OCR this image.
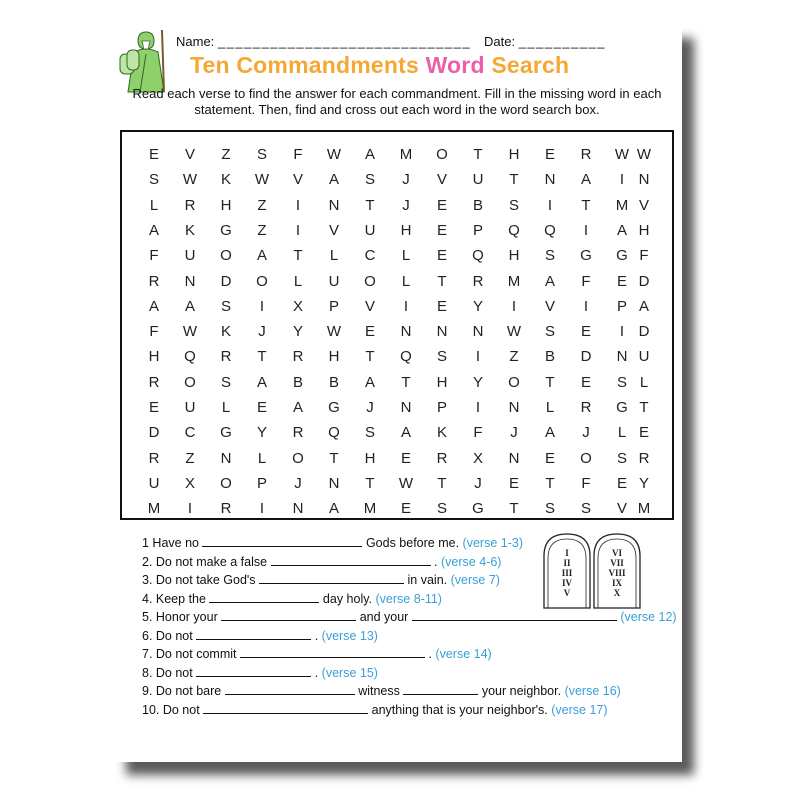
Name: _____________________________ Date: __________
Ten Commandments Word Search
Read each verse to find the answer for each commandment. Fill in the missing word in each statement. Then, find and cross out each word in the word search box.
E	V	Z	S	F	W	A	M	O	T	H	E	R	W W
S	W	K	W	V	A	S	J	V	U	T	N	A	I N
L	R	H	Z	I	N	T	J	E	B	S	I	T	M V
A	K	G	Z	I	V	U	H	E	P	Q	Q	I	A H
F	U	O	A	T	L	C	L	E	Q	H	S	G	G F
R	N	D	O	L	U	O	L	T	R	M	A	F	E D
A	A	S	I	X	P	V	I	E	Y	I	V	I	P A
F	W	K	J	Y	W	E	N	N	N	W	S	E	I D
H	Q	R	T	R	H	T	Q	S	I	Z	B	D	N U
R	O	S	A	B	B	A	T	H	Y	O	T	E	S L
E	U	L	E	A	G	J	N	P	I	N	L	R	G T
D	C	G	Y	R	Q	S	A	K	F	J	A	J	L E
R	Z	N	L	O	T	H	E	R	X	N	E	O	S R
U	X	O	P	J	N	T	W	T	J	E	T	F	E Y
M	I	R	I	N	A	M	E	S	G	T	S	S	V M
1 Have no	Gods before me. (verse 1-3)
2. Do not make a false	. (verse 4-6)
3. Do not take God's	in vain. (verse 7)
4. Keep the	day holy. (verse 8-11)
5. Honor your	and your	(verse 12)
6. Do not	. (verse 13)
7. Do not commit	. (verse 14)
8. Do not	. (verse 15)
9. Do not bare	witness	your neighbor. (verse 16)
10. Do not	anything that is your neighbor's. (verse 17)
I
II
III
IV
V
VI
VII
VIII
IX
X
